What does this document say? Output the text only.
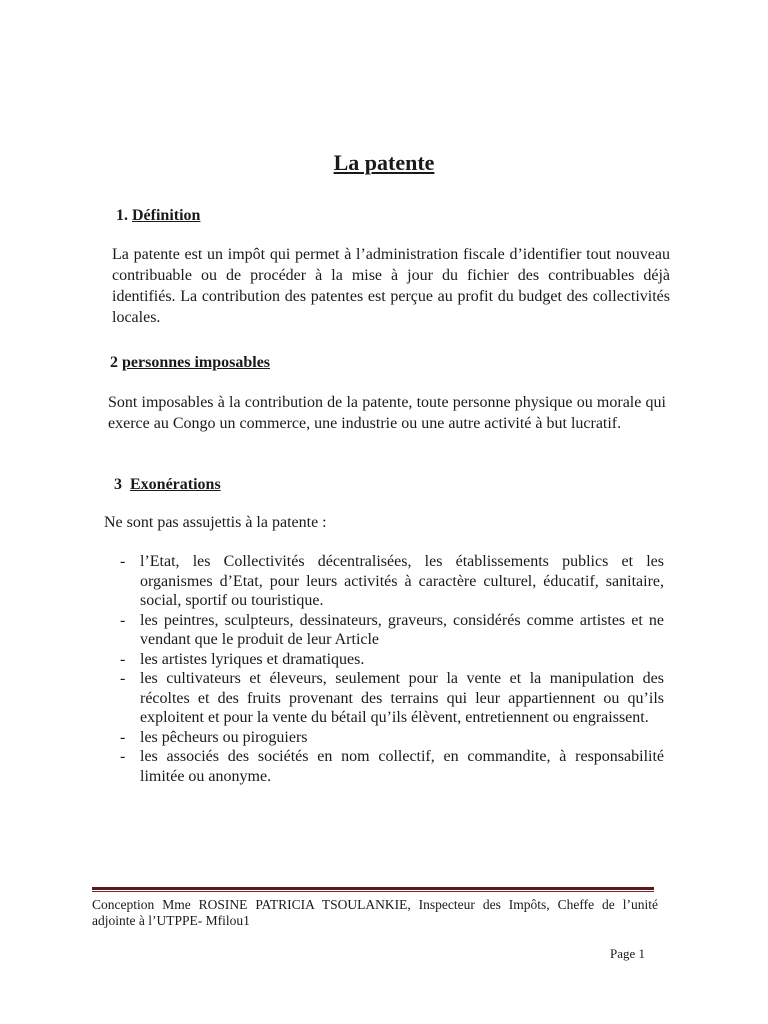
La patente
1. Définition

La patente est un impôt qui permet à l’administration fiscale d’identifier tout nouveau contribuable ou de procéder à la mise à jour du fichier des contribuables déjà identifiés. La contribution des patentes est perçue au profit du budget des collectivités locales.

2 personnes imposables

Sont imposables à la contribution de la patente, toute personne physique ou morale qui exerce au Congo un commerce, une industrie ou une autre activité à but lucratif.

3 Exonérations
Ne sont pas assujettis à la patente :
- l’Etat, les Collectivités décentralisées, les établissements publics et les organismes d’Etat, pour leurs activités à caractère culturel, éducatif, sanitaire, social, sportif ou touristique.
- les peintres, sculpteurs, dessinateurs, graveurs, considérés comme artistes et ne vendant que le produit de leur Article
- les artistes lyriques et dramatiques.
- les cultivateurs et éleveurs, seulement pour la vente et la manipulation des récoltes et des fruits provenant des terrains qui leur appartiennent ou qu’ils exploitent et pour la vente du bétail qu’ils élèvent, entretiennent ou engraissent.
- les pêcheurs ou piroguiers
- les associés des sociétés en nom collectif, en commandite, à responsabilité limitée ou anonyme.
Conception Mme ROSINE PATRICIA TSOULANKIE, Inspecteur des Impôts, Cheffe de l’unité adjointe à l’UTPPE- Mfilou1
Page 1
